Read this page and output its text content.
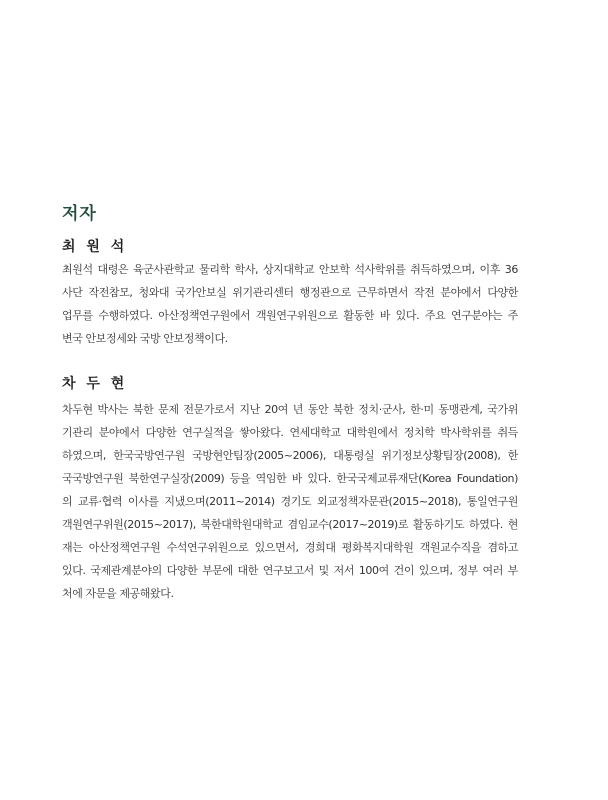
저자
최 원 석
최원석 대령은 육군사관학교 물리학 학사, 상지대학교 안보학 석사학위를 취득하였으며, 이후 36
사단 작전참모, 청와대 국가안보실 위기관리센터 행정관으로 근무하면서 작전 분야에서 다양한
업무를 수행하였다. 아산정책연구원에서 객원연구위원으로 활동한 바 있다. 주요 연구분야는 주
변국 안보정세와 국방 안보정책이다.
차 두 현
차두현 박사는 북한 문제 전문가로서 지난 20여 년 동안 북한 정치·군사, 한·미 동맹관계, 국가위
기관리 분야에서 다양한 연구실적을 쌓아왔다. 연세대학교 대학원에서 정치학 박사학위를 취득
하였으며, 한국국방연구원 국방현안팀장(2005~2006), 대통령실 위기정보상황팀장(2008), 한
국국방연구원 북한연구실장(2009) 등을 역임한 바 있다. 한국국제교류재단(Korea Foundation)
의 교류·협력 이사를 지냈으며(2011~2014) 경기도 외교정책자문관(2015~2018), 통일연구원
객원연구위원(2015~2017), 북한대학원대학교 겸임교수(2017~2019)로 활동하기도 하였다. 현
재는 아산정책연구원 수석연구위원으로 있으면서, 경희대 평화복지대학원 객원교수직을 겸하고
있다. 국제관계분야의 다양한 부문에 대한 연구보고서 및 저서 100여 건이 있으며, 정부 여러 부
처에 자문을 제공해왔다.
